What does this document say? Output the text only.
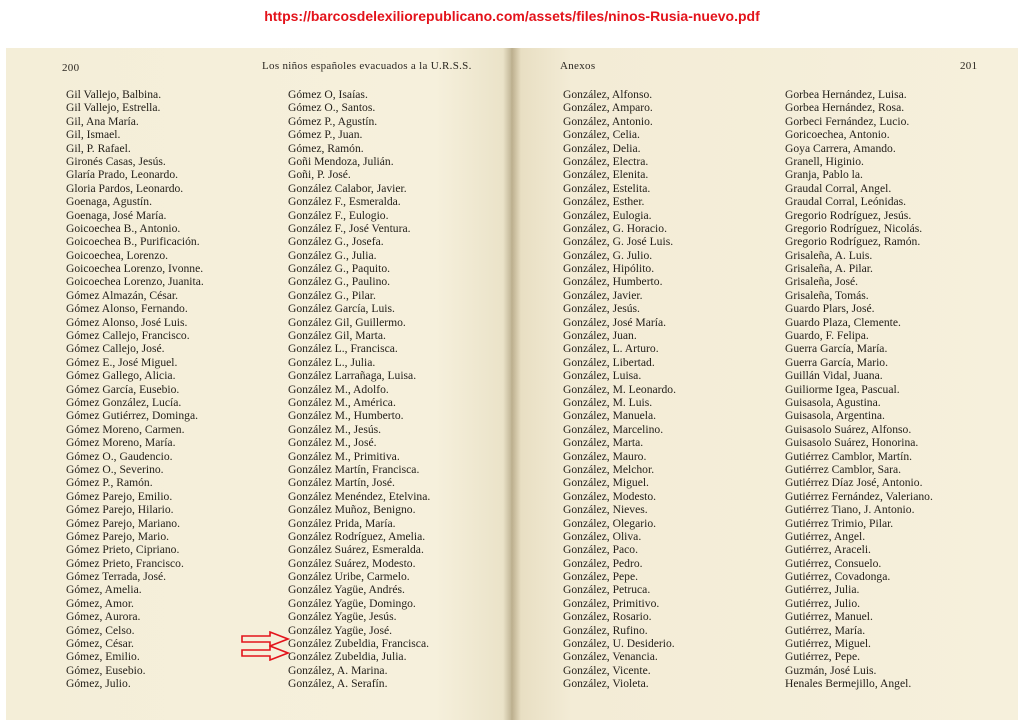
https://barcosdelexiliorepublicano.com/assets/files/ninos-Rusia-nuevo.pdf
200	Los niños españoles evacuados a la U.R.S.S.
Gil Vallejo, Balbina.
Gil Vallejo, Estrella.
Gil, Ana María.
Gil, Ismael.
Gil, P. Rafael.
Gironés Casas, Jesús.
Glaría Prado, Leonardo.
Gloria Pardos, Leonardo.
Goenaga, Agustín.
Goenaga, José María.
Goicoechea B., Antonio.
Goicoechea B., Purificación.
Goicoechea, Lorenzo.
Goicoechea Lorenzo, Ivonne.
Goicoechea Lorenzo, Juanita.
Gómez Almazán, César.
Gómez Alonso, Fernando.
Gómez Alonso, José Luis.
Gómez Callejo, Francisco.
Gómez Callejo, José.
Gómez E., José Miguel.
Gómez Gallego, Alicia.
Gómez García, Eusebio.
Gómez González, Lucía.
Gómez Gutiérrez, Dominga.
Gómez Moreno, Carmen.
Gómez Moreno, María.
Gómez O., Gaudencio.
Gómez O., Severino.
Gómez P., Ramón.
Gómez Parejo, Emilio.
Gómez Parejo, Hilario.
Gómez Parejo, Mariano.
Gómez Parejo, Mario.
Gómez Prieto, Cipriano.
Gómez Prieto, Francisco.
Gómez Terrada, José.
Gómez, Amelia.
Gómez, Amor.
Gómez, Aurora.
Gómez, Celso.
Gómez, César.
Gómez, Emilio.
Gómez, Eusebio.
Gómez, Julio.
Gómez O, Isaías.
Gómez O., Santos.
Gómez P., Agustín.
Gómez P., Juan.
Gómez, Ramón.
Goñi Mendoza, Julián.
Goñi, P. José.
González Calabor, Javier.
González F., Esmeralda.
González F., Eulogio.
González F., José Ventura.
González G., Josefa.
González G., Julia.
González G., Paquito.
González G., Paulino.
González G., Pilar.
González García, Luis.
González Gil, Guillermo.
González Gil, Marta.
González L., Francisca.
González L., Julia.
González Larrañaga, Luisa.
González M., Adolfo.
González M., América.
González M., Humberto.
González M., Jesús.
González M., José.
González M., Primitiva.
González Martín, Francisca.
González Martín, José.
González Menéndez, Etelvina.
González Muñoz, Benigno.
González Prida, María.
González Rodríguez, Amelia.
González Suárez, Esmeralda.
González Suárez, Modesto.
González Uribe, Carmelo.
González Yagüe, Andrés.
González Yagüe, Domingo.
González Yagüe, Jesús.
González Yagüe, José.
González Zubeldia, Francisca.
González Zubeldia, Julia.
González, A. Marina.
González, A. Serafín.
Anexos	201
González, Alfonso.
González, Amparo.
González, Antonio.
González, Celia.
González, Delia.
González, Electra.
González, Elenita.
González, Estelita.
González, Esther.
González, Eulogia.
González, G. Horacio.
González, G. José Luis.
González, G. Julio.
González, Hipólito.
González, Humberto.
González, Javier.
González, Jesús.
González, José María.
González, Juan.
González, L. Arturo.
González, Libertad.
González, Luisa.
González, M. Leonardo.
González, M. Luis.
González, Manuela.
González, Marcelino.
González, Marta.
González, Mauro.
González, Melchor.
González, Miguel.
González, Modesto.
González, Nieves.
González, Olegario.
González, Oliva.
González, Paco.
González, Pedro.
González, Pepe.
González, Petruca.
González, Primitivo.
González, Rosario.
González, Rufino.
González, U. Desiderio.
González, Venancia.
González, Vicente.
González, Violeta.
Gorbea Hernández, Luisa.
Gorbea Hernández, Rosa.
Gorbeci Fernández, Lucio.
Goricoechea, Antonio.
Goya Carrera, Amando.
Granell, Higinio.
Granja, Pablo la.
Graudal Corral, Angel.
Graudal Corral, Leónidas.
Gregorio Rodríguez, Jesús.
Gregorio Rodríguez, Nicolás.
Gregorio Rodríguez, Ramón.
Grisaleña, A. Luis.
Grisaleña, A. Pilar.
Grisaleña, José.
Grisaleña, Tomás.
Guardo Plars, José.
Guardo Plaza, Clemente.
Guardo, F. Felipa.
Guerra García, María.
Guerra García, Mario.
Guillán Vidal, Juana.
Guiliorme Igea, Pascual.
Guisasola, Agustina.
Guisasola, Argentina.
Guisasolo Suárez, Alfonso.
Guisasolo Suárez, Honorina.
Gutiérrez Camblor, Martín.
Gutiérrez Camblor, Sara.
Gutiérrez Díaz José, Antonio.
Gutiérrez Fernández, Valeriano.
Gutiérrez Tiano, J. Antonio.
Gutiérrez Trimio, Pilar.
Gutiérrez, Angel.
Gutiérrez, Araceli.
Gutiérrez, Consuelo.
Gutiérrez, Covadonga.
Gutiérrez, Julia.
Gutiérrez, Julio.
Gutiérrez, Manuel.
Gutiérrez, María.
Gutiérrez, Miguel.
Gutiérrez, Pepe.
Guzmán, José Luis.
Henales Bermejillo, Angel.
